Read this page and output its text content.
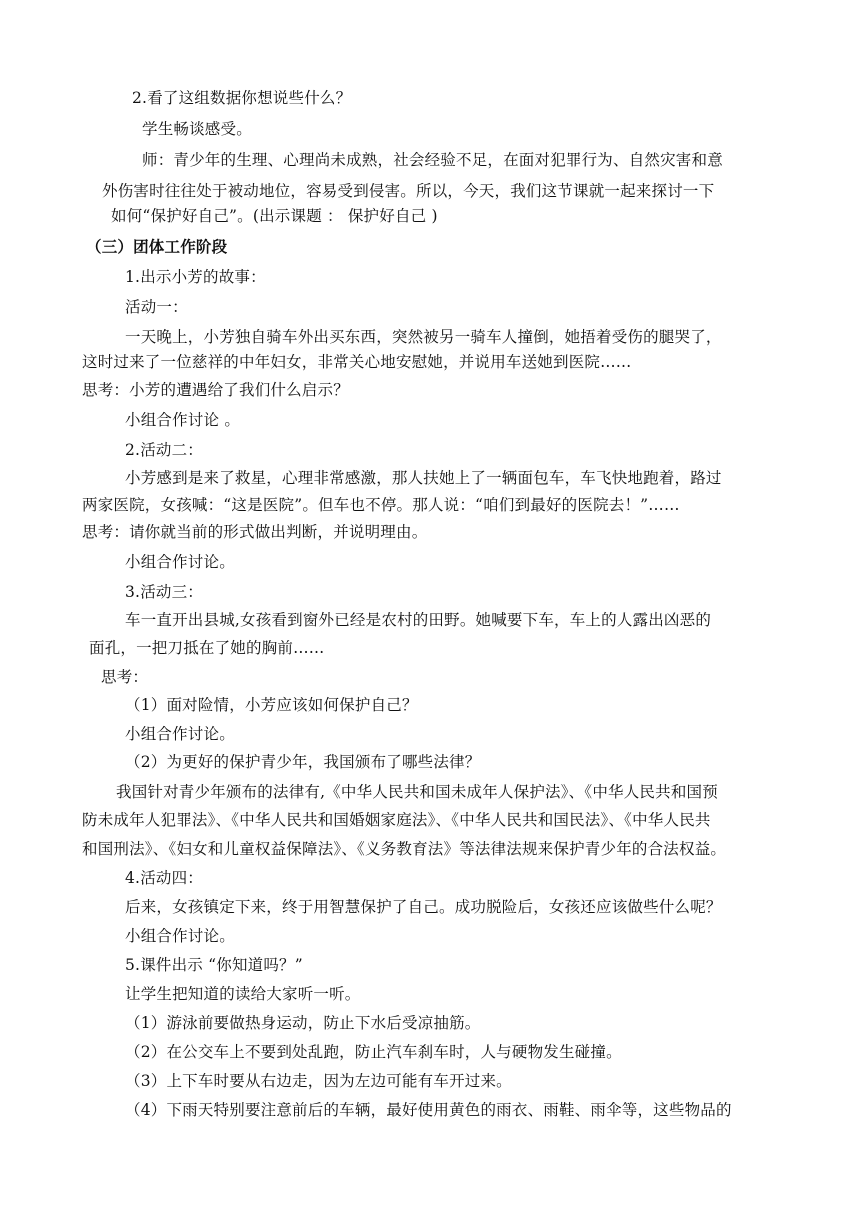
2.看了这组数据你想说些什么？
学生畅谈感受。
师：青少年的生理、心理尚未成熟，社会经验不足，在面对犯罪行为、自然灾害和意
外伤害时往往处于被动地位，容易受到侵害。所以，今天，我们这节课就一起来探讨一下
如何“保护好自己”。(出示课题 ： 保护好自己 )
（三）团体工作阶段
1.出示小芳的故事：
活动一：
一天晚上，小芳独自骑车外出买东西，突然被另一骑车人撞倒，她捂着受伤的腿哭了，
这时过来了一位慈祥的中年妇女，非常关心地安慰她，并说用车送她到医院……
思考：小芳的遭遇给了我们什么启示？
小组合作讨论 。
2.活动二：
小芳感到是来了救星，心理非常感激，那人扶她上了一辆面包车，车飞快地跑着，路过
两家医院，女孩喊：“这是医院”。但车也不停。那人说：“咱们到最好的医院去！”……
思考：请你就当前的形式做出判断，并说明理由。
小组合作讨论。
3.活动三：
车一直开出县城,女孩看到窗外已经是农村的田野。她喊要下车，车上的人露出凶恶的
面孔，一把刀抵在了她的胸前……
思考：
（1）面对险情，小芳应该如何保护自己？
小组合作讨论。
（2）为更好的保护青少年，我国颁布了哪些法律？
我国针对青少年颁布的法律有,《中华人民共和国未成年人保护法》、《中华人民共和国预
防未成年人犯罪法》、《中华人民共和国婚姻家庭法》、《中华人民共和国民法》、《中华人民共
和国刑法》、《妇女和儿童权益保障法》、《义务教育法》等法律法规来保护青少年的合法权益。
4.活动四：
后来，女孩镇定下来，终于用智慧保护了自己。成功脱险后，女孩还应该做些什么呢？
小组合作讨论。
5.课件出示 “你知道吗？”
让学生把知道的读给大家听一听。
（1）游泳前要做热身运动，防止下水后受凉抽筋。
（2）在公交车上不要到处乱跑，防止汽车刹车时，人与硬物发生碰撞。
（3）上下车时要从右边走，因为左边可能有车开过来。
（4）下雨天特别要注意前后的车辆，最好使用黄色的雨衣、雨鞋、雨伞等，这些物品的
